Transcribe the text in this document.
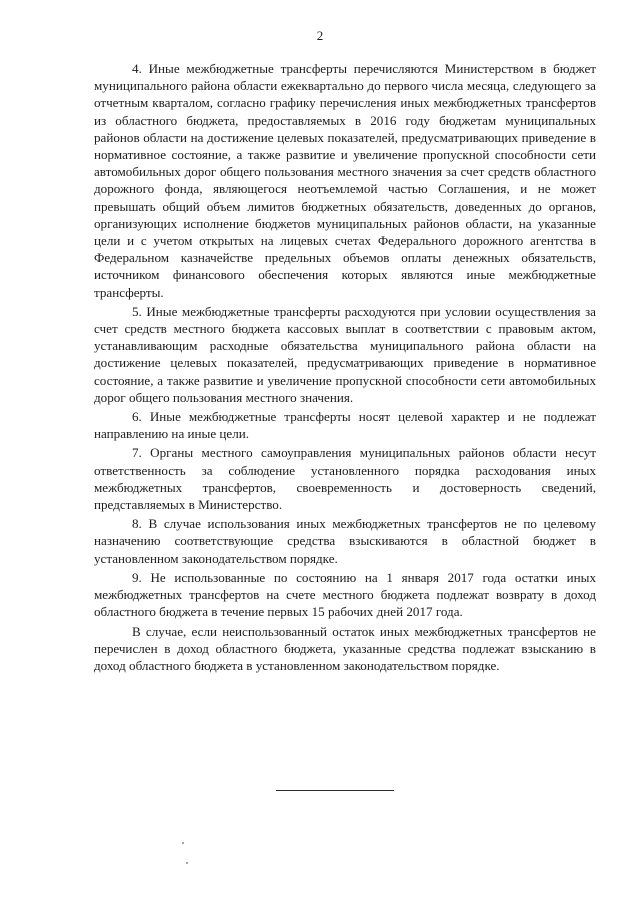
2

4. Иные межбюджетные трансферты перечисляются Министерством в бюджет муниципального района области ежеквартально до первого числа месяца, следующего за отчетным кварталом, согласно графику перечисления иных межбюджетных трансфертов из областного бюджета, предоставляемых в 2016 году бюджетам муниципальных районов области на достижение целевых показателей, предусматривающих приведение в нормативное состояние, а также развитие и увеличение пропускной способности сети автомобильных дорог общего пользования местного значения за счет средств областного дорожного фонда, являющегося неотъемлемой частью Соглашения, и не может превышать общий объем лимитов бюджетных обязательств, доведенных до органов, организующих исполнение бюджетов муниципальных районов области, на указанные цели и с учетом открытых на лицевых счетах Федерального дорожного агентства в Федеральном казначействе предельных объемов оплаты денежных обязательств, источником финансового обеспечения которых являются иные межбюджетные трансферты.

5. Иные межбюджетные трансферты расходуются при условии осуществления за счет средств местного бюджета кассовых выплат в соответствии с правовым актом, устанавливающим расходные обязательства муниципального района области на достижение целевых показателей, предусматривающих приведение в нормативное состояние, а также развитие и увеличение пропускной способности сети автомобильных дорог общего пользования местного значения.

6. Иные межбюджетные трансферты носят целевой характер и не подлежат направлению на иные цели.

7. Органы местного самоуправления муниципальных районов области несут ответственность за соблюдение установленного порядка расходования иных межбюджетных трансфертов, своевременность и достоверность сведений, представляемых в Министерство.

8. В случае использования иных межбюджетных трансфертов не по целевому назначению соответствующие средства взыскиваются в областной бюджет в установленном законодательством порядке.

9. Не использованные по состоянию на 1 января 2017 года остатки иных межбюджетных трансфертов на счете местного бюджета подлежат возврату в доход областного бюджета в течение первых 15 рабочих дней 2017 года.

В случае, если неиспользованный остаток иных межбюджетных трансфертов не перечислен в доход областного бюджета, указанные средства подлежат взысканию в доход областного бюджета в установленном законодательством порядке.
